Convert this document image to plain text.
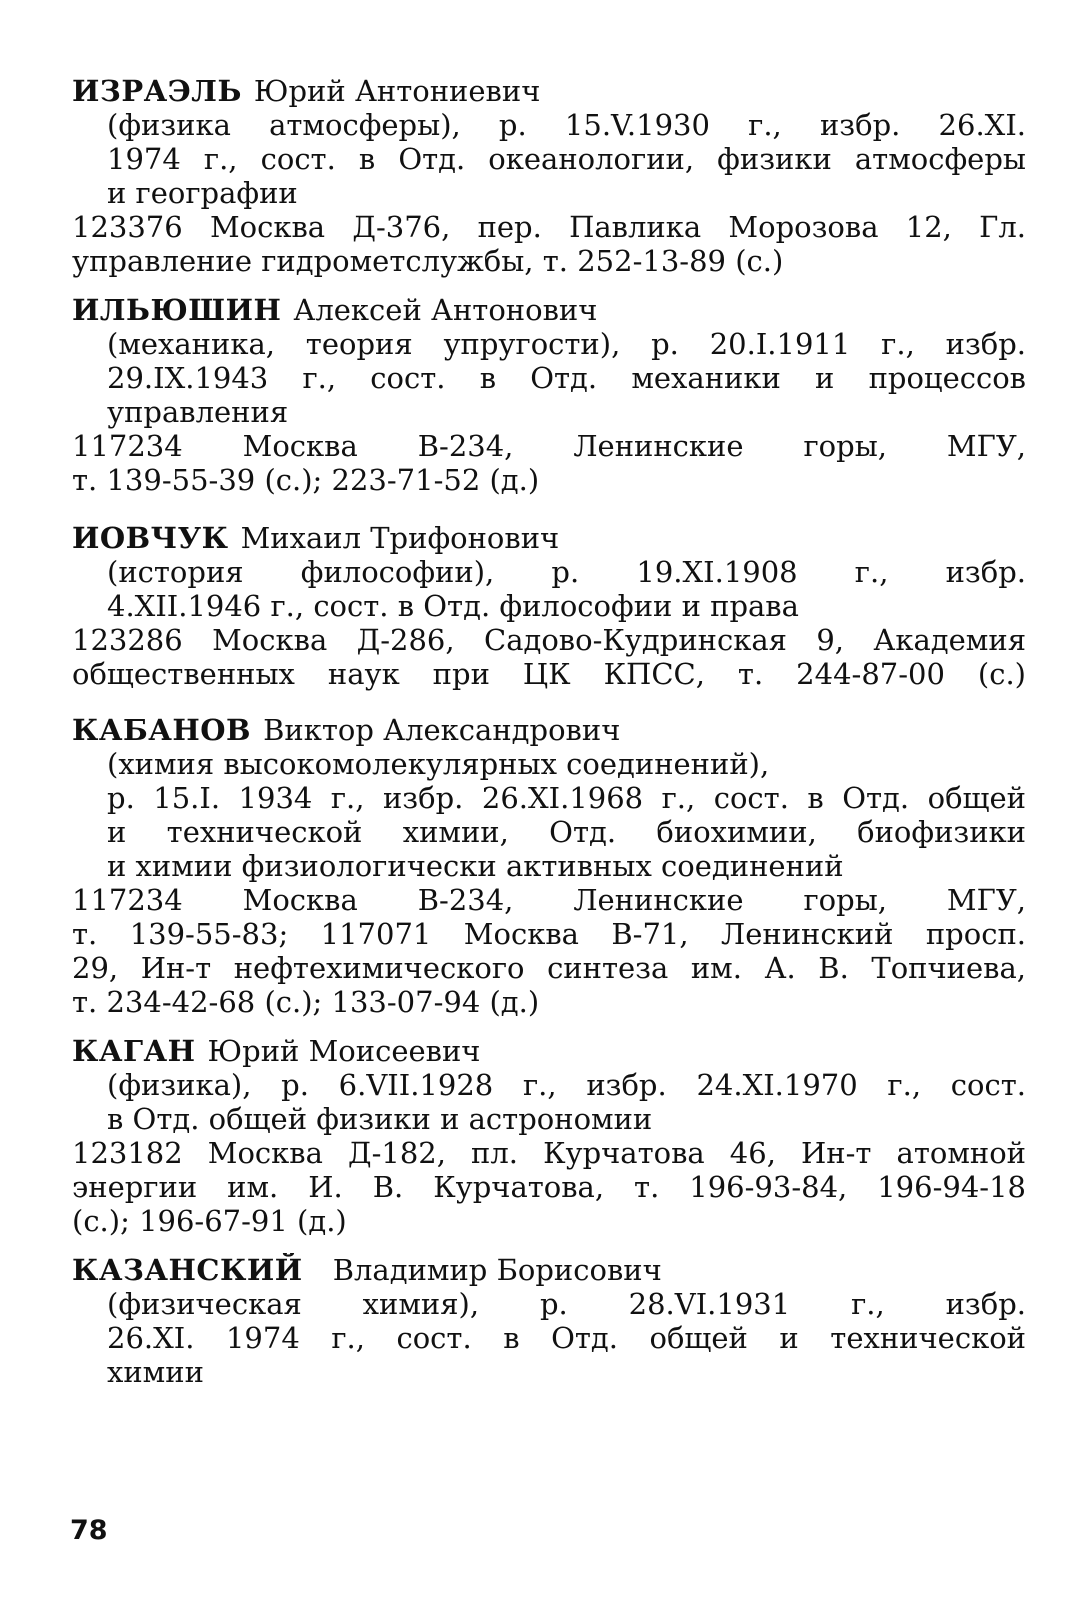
ИЗРАЭЛЬ Юрий Антониевич
(физика атмосферы), р. 15.V.1930 г., избр. 26.XI.
1974 г., сост. в Отд. океанологии, физики атмосферы
и географии
123376 Москва Д-376, пер. Павлика Морозова 12, Гл.
управление гидрометслужбы, т. 252-13-89 (с.)
ИЛЬЮШИН Алексей Антонович
(механика, теория упругости), р. 20.I.1911 г., избр.
29.IX.1943 г., сост. в Отд. механики и процессов
управления
117234 Москва В-234, Ленинские горы, МГУ,
т. 139-55-39 (с.); 223-71-52 (д.)
ИОВЧУК Михаил Трифонович
(история философии), р. 19.XI.1908 г., избр.
4.XII.1946 г., сост. в Отд. философии и права
123286 Москва Д-286, Садово-Кудринская 9, Академия
общественных наук при ЦК КПСС, т. 244-87-00 (с.)
КАБАНОВ Виктор Александрович
(химия высокомолекулярных соединений),
р. 15.I. 1934 г., избр. 26.XI.1968 г., сост. в Отд. общей
и технической химии, Отд. биохимии, биофизики
и химии физиологически активных соединений
117234 Москва В-234, Ленинские горы, МГУ,
т. 139-55-83; 117071 Москва В-71, Ленинский просп.
29, Ин-т нефтехимического синтеза им. А. В. Топчиева,
т. 234-42-68 (с.); 133-07-94 (д.)
КАГАН Юрий Моисеевич
(физика), р. 6.VII.1928 г., избр. 24.XI.1970 г., сост.
в Отд. общей физики и астрономии
123182 Москва Д-182, пл. Курчатова 46, Ин-т атомной
энергии им. И. В. Курчатова, т. 196-93-84, 196-94-18
(с.); 196-67-91 (д.)
КАЗАНСКИЙ Владимир Борисович
(физическая химия), р. 28.VI.1931 г., избр.
26.XI. 1974 г., сост. в Отд. общей и технической
химии
78
